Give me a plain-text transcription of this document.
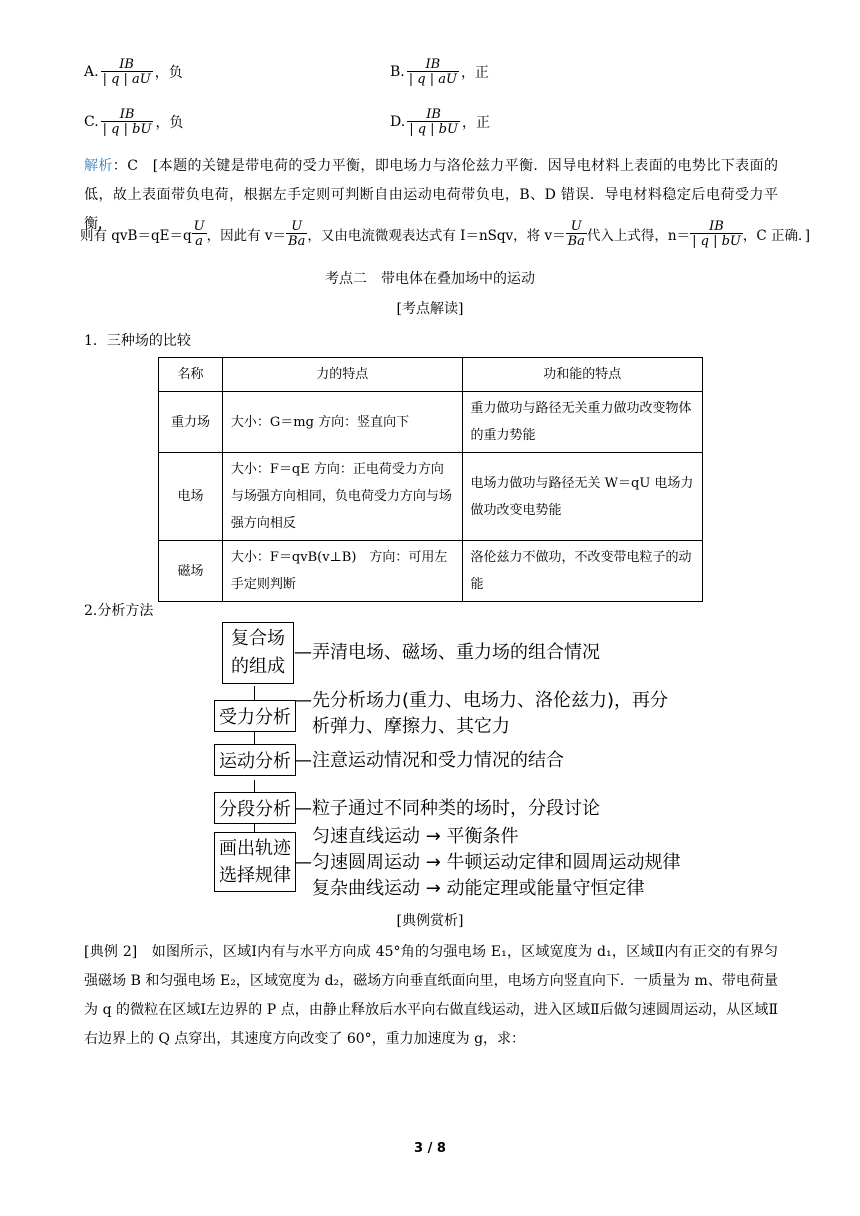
A. $\frac{IB}{| q | aU}$ ，负	B. $\frac{IB}{| q | aU}$ ，正
C. $\frac{IB}{| q | bU}$ ，负	D. $\frac{IB}{| q | bU}$ ，正
解析：C　[本题的关键是带电荷的受力平衡，即电场力与洛伦兹力平衡．因导电材料上表面的电势比下表面的低，故上表面带负电荷，根据左手定则可判断自由运动电荷带负电，B、D 错误．导电材料稳定后电荷受力平衡，
则有 $qvB=qE=q \frac{U}{a}$ ，因此有 $v= \frac{U}{Ba}$ ，又由电流微观表达式有 I＝nSqv，将 $v= \frac{U}{Ba}$ 代入上式得，$n= \frac{IB}{| q | bU}$ ，C 正确．]
考点二　带电体在叠加场中的运动
[考点解读]
1．三种场的比较
名称	力的特点	功和能的特点
重力场	大小：G＝mg 方向：竖直向下	重力做功与路径无关重力做功改变物体的重力势能
电场	大小：F＝qE 方向：正电荷受力方向与场强方向相同，负电荷受力方向与场强方向相反	电场力做功与路径无关 W＝qU 电场力做功改变电势能
磁场	大小：F＝qvB(v⊥B)　方向：可用左手定则判断	洛伦兹力不做功，不改变带电粒子的动能
2.分析方法
复合场
的组成
—弄清电场、磁场、重力场的组合情况
受力分析
—先分析场力(重力、电场力、洛伦兹力)，再分
析弹力、摩擦力、其它力
运动分析 —注意运动情况和受力情况的结合
分段分析 —粒子通过不同种类的场时，分段讨论
画出轨迹
选择规律
匀速直线运动 → 平衡条件
—匀速圆周运动 → 牛顿运动定律和圆周运动规律
复杂曲线运动 → 动能定理或能量守恒定律
[典例赏析]
[典例 2]　如图所示，区域Ⅰ内有与水平方向成 45°角的匀强电场 E₁，区域宽度为 d₁，区域Ⅱ内有正交的有界匀强磁场 B 和匀强电场 E₂，区域宽度为 d₂，磁场方向垂直纸面向里，电场方向竖直向下．一质量为 m、带电荷量为 q 的微粒在区域Ⅰ左边界的 P 点，由静止释放后水平向右做直线运动，进入区域Ⅱ后做匀速圆周运动，从区域Ⅱ右边界上的 Q 点穿出，其速度方向改变了 60°，重力加速度为 g，求：
3 / 8
